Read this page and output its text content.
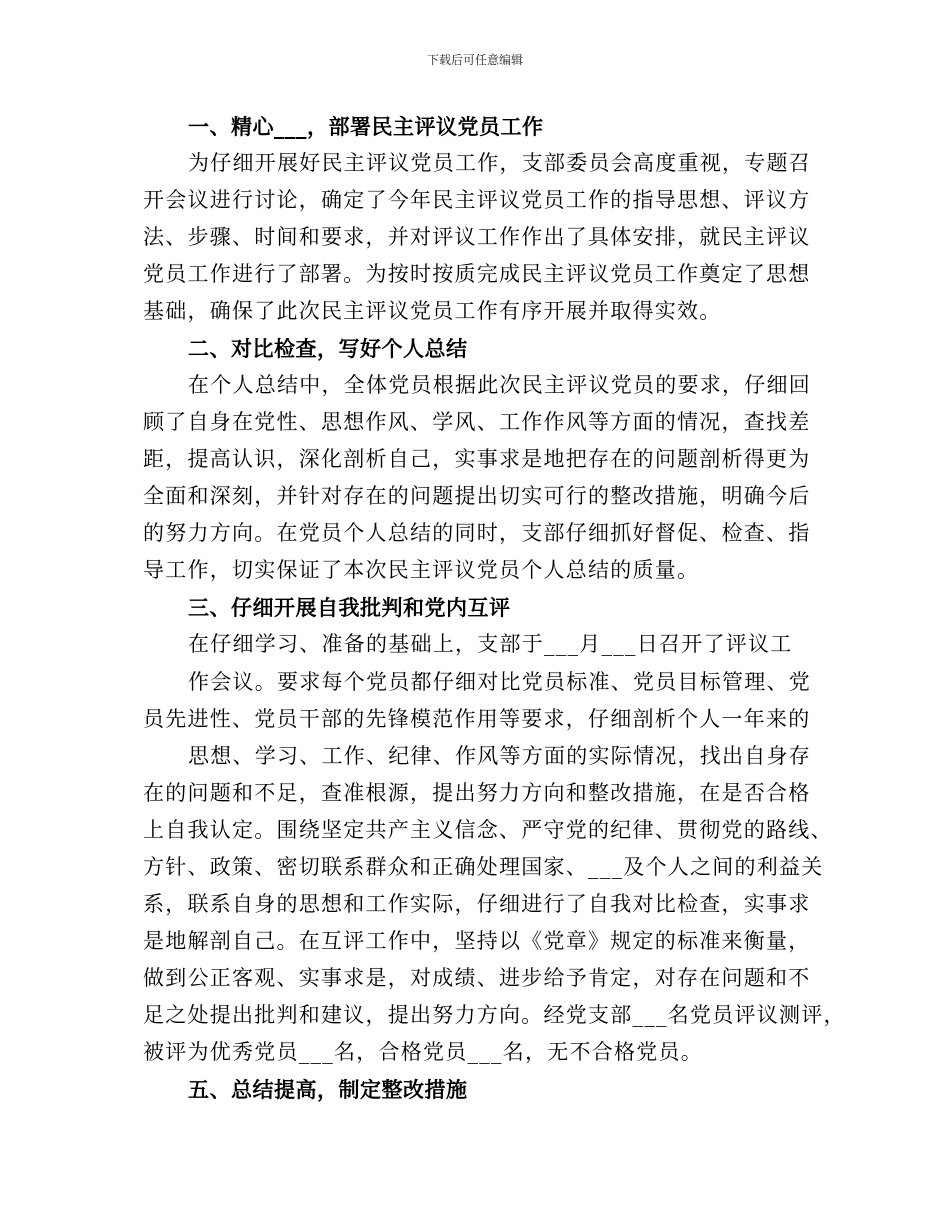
下载后可任意编辑
一、精心___，部署民主评议党员工作
为仔细开展好民主评议党员工作，支部委员会高度重视，专题召
开会议进行讨论，确定了今年民主评议党员工作的指导思想、评议方
法、步骤、时间和要求，并对评议工作作出了具体安排，就民主评议
党员工作进行了部署。为按时按质完成民主评议党员工作奠定了思想
基础，确保了此次民主评议党员工作有序开展并取得实效。
二、对比检查，写好个人总结
在个人总结中，全体党员根据此次民主评议党员的要求，仔细回
顾了自身在党性、思想作风、学风、工作作风等方面的情况，查找差
距，提高认识，深化剖析自己，实事求是地把存在的问题剖析得更为
全面和深刻，并针对存在的问题提出切实可行的整改措施，明确今后
的努力方向。在党员个人总结的同时，支部仔细抓好督促、检查、指
导工作，切实保证了本次民主评议党员个人总结的质量。
三、仔细开展自我批判和党内互评
在仔细学习、准备的基础上，支部于___月___日召开了评议工
作会议。要求每个党员都仔细对比党员标准、党员目标管理、党
员先进性、党员干部的先锋模范作用等要求，仔细剖析个人一年来的
思想、学习、工作、纪律、作风等方面的实际情况，找出自身存
在的问题和不足，查准根源，提出努力方向和整改措施，在是否合格
上自我认定。围绕坚定共产主义信念、严守党的纪律、贯彻党的路线、
方针、政策、密切联系群众和正确处理国家、___及个人之间的利益关
系，联系自身的思想和工作实际，仔细进行了自我对比检查，实事求
是地解剖自己。在互评工作中，坚持以《党章》规定的标准来衡量，
做到公正客观、实事求是，对成绩、进步给予肯定，对存在问题和不
足之处提出批判和建议，提出努力方向。经党支部___名党员评议测评，
被评为优秀党员___名，合格党员___名，无不合格党员。
五、总结提高，制定整改措施
